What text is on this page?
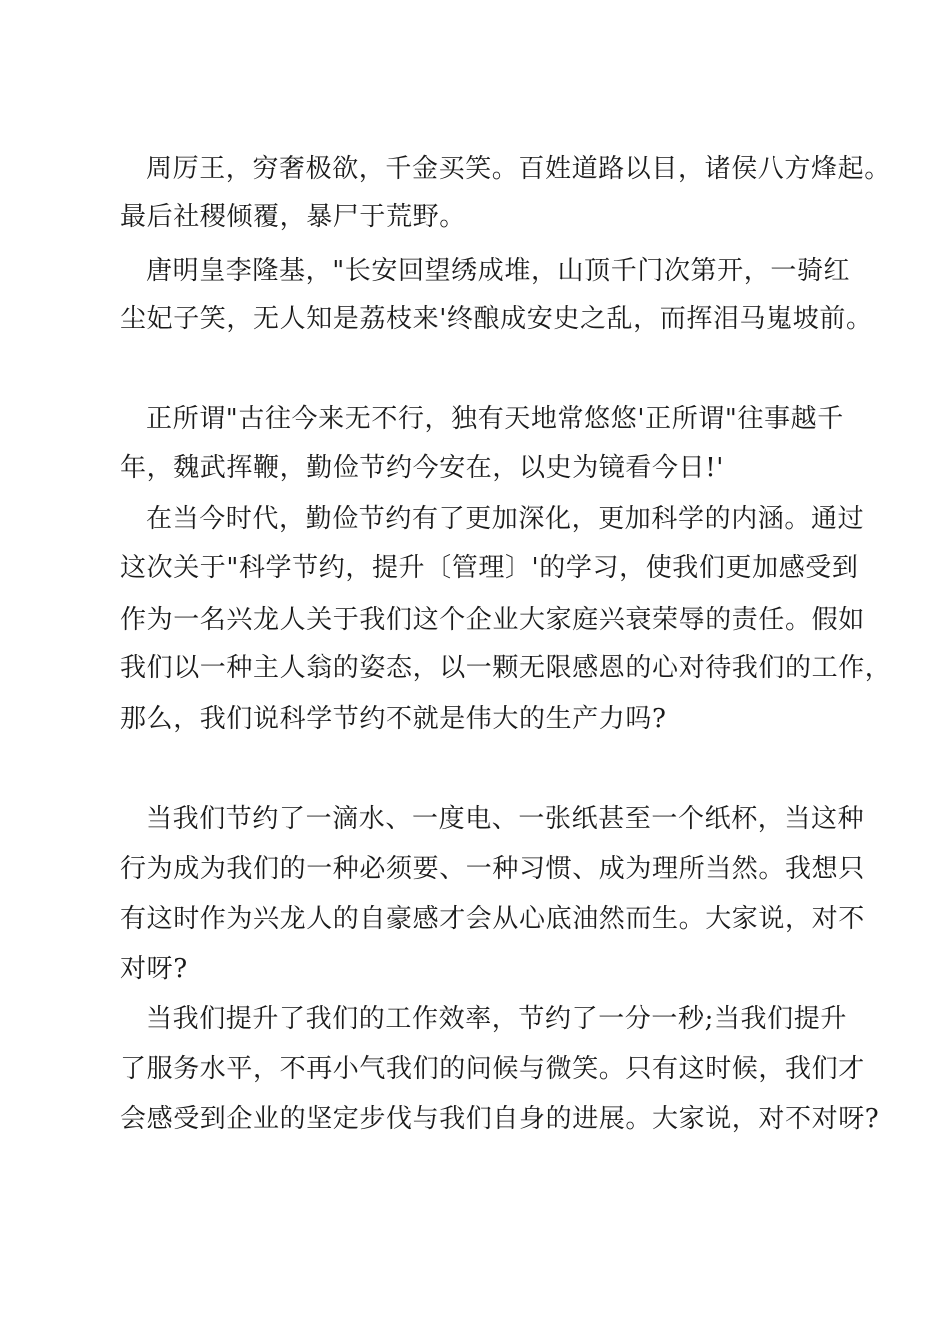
周厉王，穷奢极欲，千金买笑。百姓道路以目，诸侯八方烽起。

最后社稷倾覆，暴尸于荒野。

唐明皇李隆基，"长安回望绣成堆，山顶千门次第开，一骑红

尘妃子笑，无人知是荔枝来'终酿成安史之乱，而挥泪马嵬坡前。

正所谓"古往今来无不行，独有天地常悠悠'正所谓"往事越千

年，魏武挥鞭，勤俭节约今安在，以史为镜看今日!'

在当今时代，勤俭节约有了更加深化，更加科学的内涵。通过

这次关于"科学节约，提升〔管理〕'的学习，使我们更加感受到

作为一名兴龙人关于我们这个企业大家庭兴衰荣辱的责任。假如

我们以一种主人翁的姿态，以一颗无限感恩的心对待我们的工作，

那么，我们说科学节约不就是伟大的生产力吗?

当我们节约了一滴水、一度电、一张纸甚至一个纸杯，当这种

行为成为我们的一种必须要、一种习惯、成为理所当然。我想只

有这时作为兴龙人的自豪感才会从心底油然而生。大家说，对不

对呀?

当我们提升了我们的工作效率，节约了一分一秒;当我们提升

了服务水平，不再小气我们的问候与微笑。只有这时候，我们才

会感受到企业的坚定步伐与我们自身的进展。大家说，对不对呀?
